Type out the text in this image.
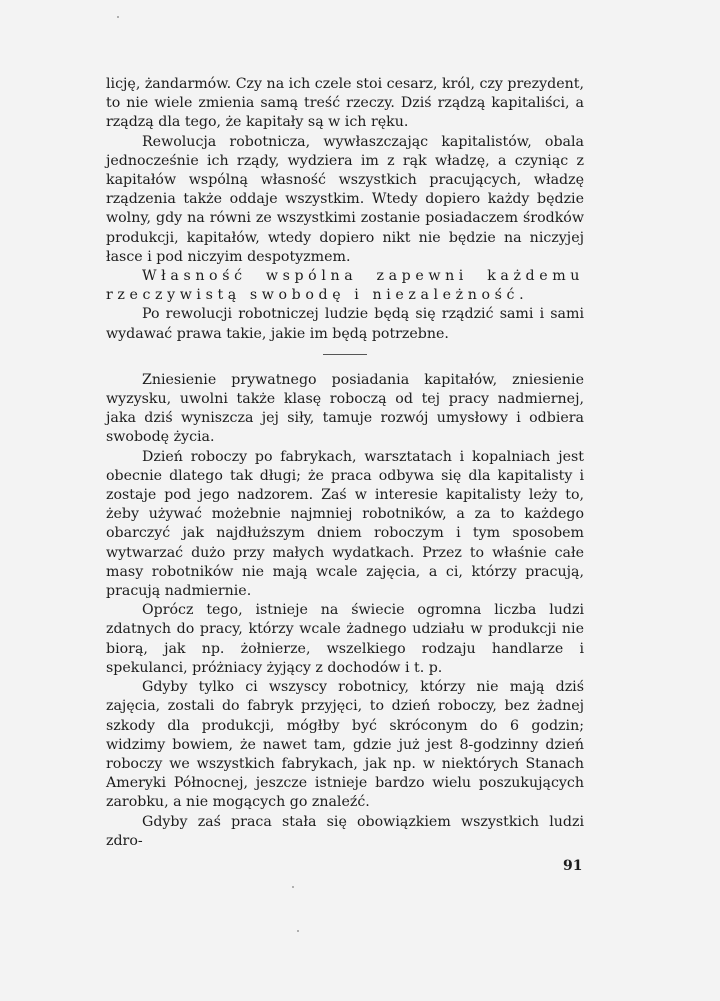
licję, żandarmów. Czy na ich czele stoi cesarz, król, czy prezydent, to nie wiele zmienia samą treść rzeczy. Dziś rządzą kapitaliści, a rządzą dla tego, że kapitały są w ich ręku.

Rewolucja robotnicza, wywłaszczając kapitalistów, obala jednocześnie ich rządy, wydziera im z rąk władzę, a czyniąc z kapitałów wspólną własność wszystkich pracujących, władzę rządzenia także oddaje wszystkim. Wtedy dopiero każdy będzie wolny, gdy na równi ze wszystkimi zostanie posiadaczem środków produkcji, kapitałów, wtedy dopiero nikt nie będzie na niczyjej łasce i pod niczyim despotyzmem.

Własność wspólna zapewni każdemu rzeczywistą swobodę i niezależność.

Po rewolucji robotniczej ludzie będą się rządzić sami i sami wydawać prawa takie, jakie im będą potrzebne.

Zniesienie prywatnego posiadania kapitałów, zniesienie wyzysku, uwolni także klasę roboczą od tej pracy nadmiernej, jaka dziś wyniszcza jej siły, tamuje rozwój umysłowy i odbiera swobodę życia.

Dzień roboczy po fabrykach, warsztatach i kopalniach jest obecnie dlatego tak długi; że praca odbywa się dla kapitalisty i zostaje pod jego nadzorem. Zaś w interesie kapitalisty leży to, żeby używać możebnie najmniej robotników, a za to każdego obarczyć jak najdłuższym dniem roboczym i tym sposobem wytwarzać dużo przy małych wydatkach. Przez to właśnie całe masy robotników nie mają wcale zajęcia, a ci, którzy pracują, pracują nadmiernie.

Oprócz tego, istnieje na świecie ogromna liczba ludzi zdatnych do pracy, którzy wcale żadnego udziału w produkcji nie biorą, jak np. żołnierze, wszelkiego rodzaju handlarze i spekulanci, próżniacy żyjący z dochodów i t. p.

Gdyby tylko ci wszyscy robotnicy, którzy nie mają dziś zajęcia, zostali do fabryk przyjęci, to dzień roboczy, bez żadnej szkody dla produkcji, mógłby być skróconym do 6 godzin; widzimy bowiem, że nawet tam, gdzie już jest 8-godzinny dzień roboczy we wszystkich fabrykach, jak np. w niektórych Stanach Ameryki Północnej, jeszcze istnieje bardzo wielu poszukujących zarobku, a nie mogących go znaleźć.

Gdyby zaś praca stała się obowiązkiem wszystkich ludzi zdro-

91
